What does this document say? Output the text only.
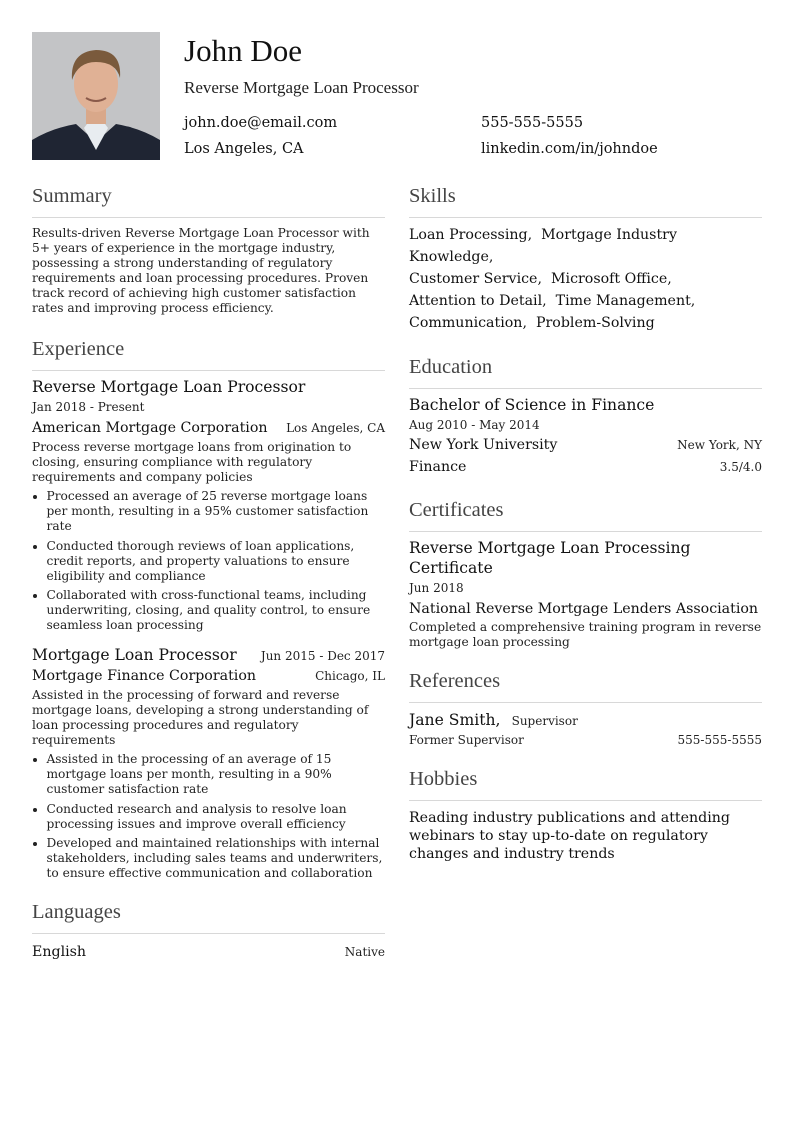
John Doe
Reverse Mortgage Loan Processor
john.doe@email.com	555-555-5555
Los Angeles, CA	linkedin.com/in/johndoe
Summary
Results-driven Reverse Mortgage Loan Processor with 5+ years of experience in the mortgage industry, possessing a strong understanding of regulatory requirements and loan processing procedures. Proven track record of achieving high customer satisfaction rates and improving process efficiency.
Experience
Reverse Mortgage Loan Processor
Jan 2018 - Present
American Mortgage Corporation Los Angeles, CA
Process reverse mortgage loans from origination to closing, ensuring compliance with regulatory requirements and company policies
• Processed an average of 25 reverse mortgage loans per month, resulting in a 95% customer satisfaction rate
• Conducted thorough reviews of loan applications, credit reports, and property valuations to ensure eligibility and compliance
• Collaborated with cross-functional teams, including underwriting, closing, and quality control, to ensure seamless loan processing
Mortgage Loan Processor Jun 2015 - Dec 2017
Mortgage Finance Corporation	Chicago, IL
Assisted in the processing of forward and reverse mortgage loans, developing a strong understanding of loan processing procedures and regulatory requirements
• Assisted in the processing of an average of 15 mortgage loans per month, resulting in a 90% customer satisfaction rate
• Conducted research and analysis to resolve loan processing issues and improve overall efficiency
• Developed and maintained relationships with internal stakeholders, including sales teams and underwriters, to ensure effective communication and collaboration
Languages
English	Native
Skills
Loan Processing, Mortgage Industry Knowledge,
Customer Service, Microsoft Office,
Attention to Detail, Time Management,
Communication, Problem-Solving
Education
Bachelor of Science in Finance
Aug 2010 - May 2014
New York University	New York, NY
Finance	3.5/4.0
Certificates
Reverse Mortgage Loan Processing Certificate
Jun 2018
National Reverse Mortgage Lenders Association
Completed a comprehensive training program in reverse mortgage loan processing
References
Jane Smith, Supervisor
Former Supervisor	555-555-5555
Hobbies
Reading industry publications and attending webinars to stay up-to-date on regulatory changes and industry trends
